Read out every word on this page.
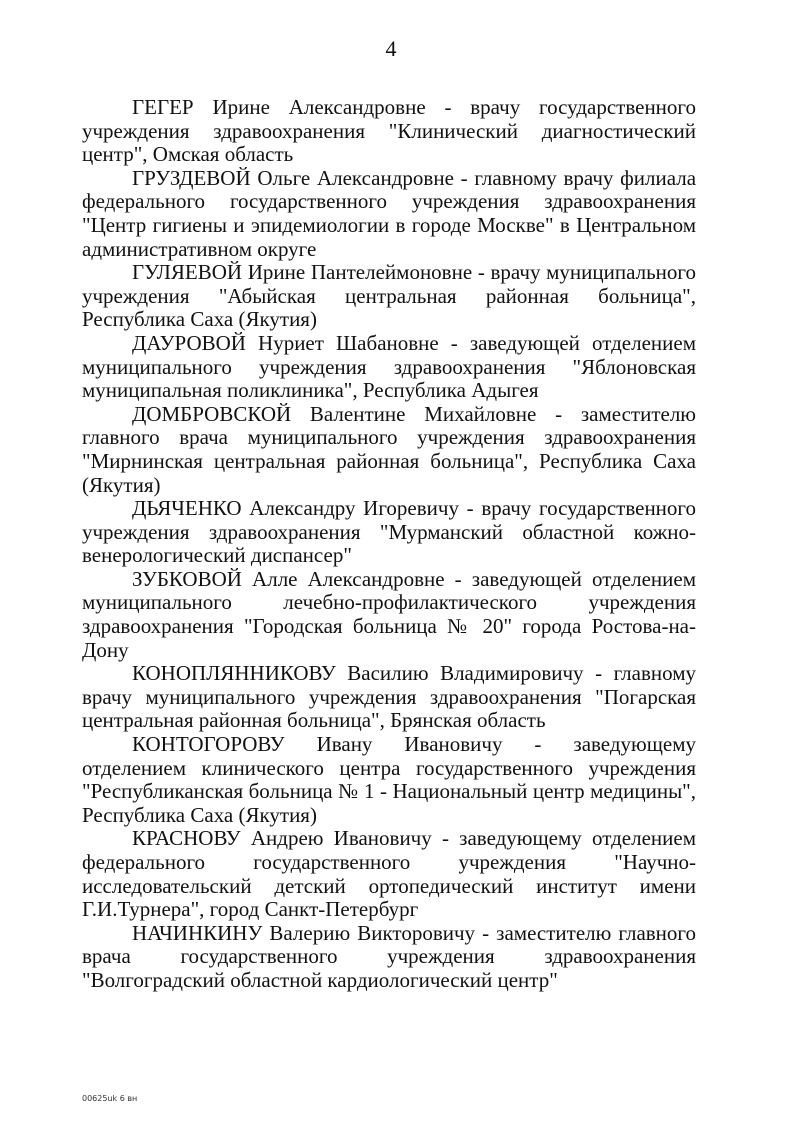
4

ГЕГЕР Ирине Александровне - врачу государственного учреждения здравоохранения "Клинический диагностический центр", Омская область

ГРУЗДЕВОЙ Ольге Александровне - главному врачу филиала федерального государственного учреждения здравоохранения "Центр гигиены и эпидемиологии в городе Москве" в Центральном административном округе

ГУЛЯЕВОЙ Ирине Пантелеймоновне - врачу муниципального учреждения "Абыйская центральная районная больница", Республика Саха (Якутия)

ДАУРОВОЙ Нуриет Шабановне - заведующей отделением муниципального учреждения здравоохранения "Яблоновская муниципальная поликлиника", Республика Адыгея

ДОМБРОВСКОЙ Валентине Михайловне - заместителю главного врача муниципального учреждения здравоохранения "Мирнинская центральная районная больница", Республика Саха (Якутия)

ДЬЯЧЕНКО Александру Игоревичу - врачу государственного учреждения здравоохранения "Мурманский областной кожно-венерологический диспансер"

ЗУБКОВОЙ Алле Александровне - заведующей отделением муниципального лечебно-профилактического учреждения здравоохранения "Городская больница № 20" города Ростова-на-Дону

КОНОПЛЯННИКОВУ Василию Владимировичу - главному врачу муниципального учреждения здравоохранения "Погарская центральная районная больница", Брянская область

КОНТОГОРОВУ Ивану Ивановичу - заведующему отделением клинического центра государственного учреждения "Республиканская больница № 1 - Национальный центр медицины", Республика Саха (Якутия)

КРАСНОВУ Андрею Ивановичу - заведующему отделением федерального государственного учреждения "Научно-исследовательский детский ортопедический институт имени Г.И.Турнера", город Санкт-Петербург

НАЧИНКИНУ Валерию Викторовичу - заместителю главного врача государственного учреждения здравоохранения "Волгоградский областной кардиологический центр"

00625uk 6 вн
